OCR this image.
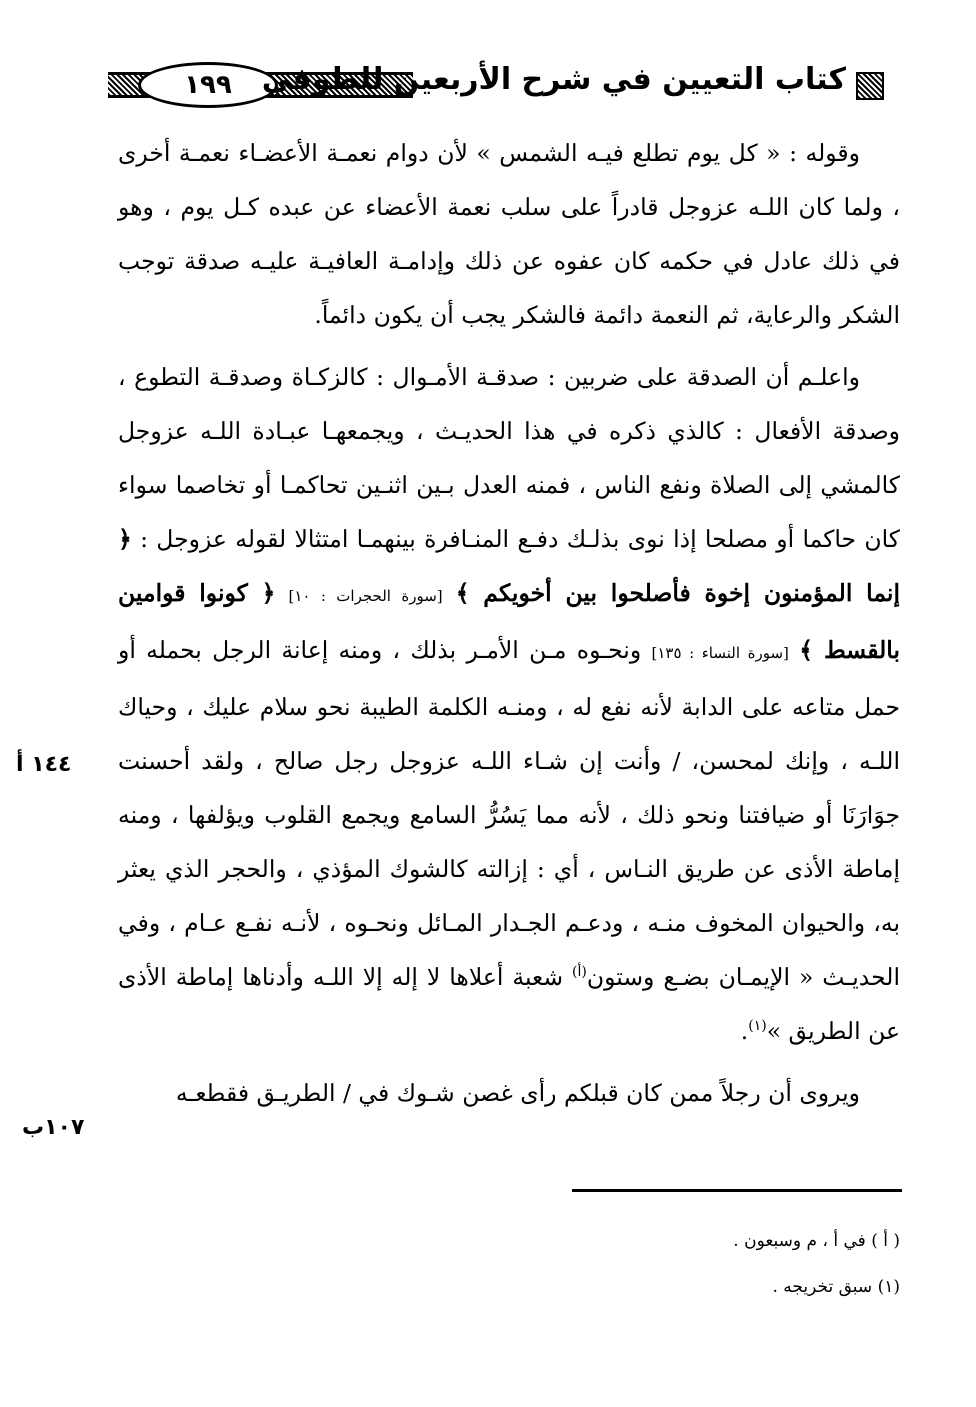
١٩٩ كتاب التعيين في شرح الأربعين للطوفي

وقوله : « كل يوم تطلع فيـه الشمس » لأن دوام نعمـة الأعضـاء نعمـة أخرى ، ولما كان اللـه عزوجل قادراً على سلب نعمة الأعضاء عن عبده كـل يوم ، وهو في ذلك عادل في حكمه كان عفوه عن ذلك وإدامـة العافيـة عليـه صدقة توجب الشكر والرعاية، ثم النعمة دائمة فالشكر يجب أن يكون دائماً.

واعلـم أن الصدقة على ضربين : صدقـة الأمـوال : كالزكـاة وصدقـة التطوع ، وصدقة الأفعال : كالذي ذكره في هذا الحديـث ، ويجمعهـا عبـادة اللـه عزوجل كالمشي إلى الصلاة ونفع الناس ، فمنه العدل بـين اثنـين تحاكمـا أو تخاصما سواء كان حاكما أو مصلحا إذا نوى بذلـك دفـع المنـافرة بينهمـا امتثالا لقوله عزوجل : ﴿ إنما المؤمنون إخوة فأصلحوا بين أخويكم ﴾ [سورة الحجرات : ١٠] ﴿ كونوا قوامين بالقسط ﴾ [سورة النساء : ١٣٥] ونحـوه مـن الأمـر بذلك ، ومنه إعانة الرجل بحمله أو حمل متاعه على الدابة لأنه نفع له ، ومنـه الكلمة الطيبة نحو سلام عليك ، وحياك اللـه ، وإنك لمحسن، / وأنت إن شـاء اللـه عزوجل رجل صالح ، ولقد أحسنت جوَارَنَا أو ضيافتنا ونحو ذلك ، لأنه مما يَسُرُّ السامع ويجمع القلوب ويؤلفها ، ومنه إماطة الأذى عن طريق النـاس ، أي : إزالته كالشوك المؤذي ، والحجر الذي يعثر به، والحيوان المخوف منـه ، ودعـم الجـدار المـائل ونحـوه ، لأنـه نفـع عـام ، وفي الحديـث « الإيمـان بضـع وستون$^{(أ)}$ شعبة أعلاها لا إله إلا اللـه وأدناها إماطة الأذى عن الطريق »$^{(١)}$.

ويروى أن رجلاً ممن كان قبلكم رأى غصن شـوك في / الطريـق فقطعـه

١٤٤ أ
١٠٧ب

( أ ) في أ ، م وسبعون .

(١) سبق تخريجه .
